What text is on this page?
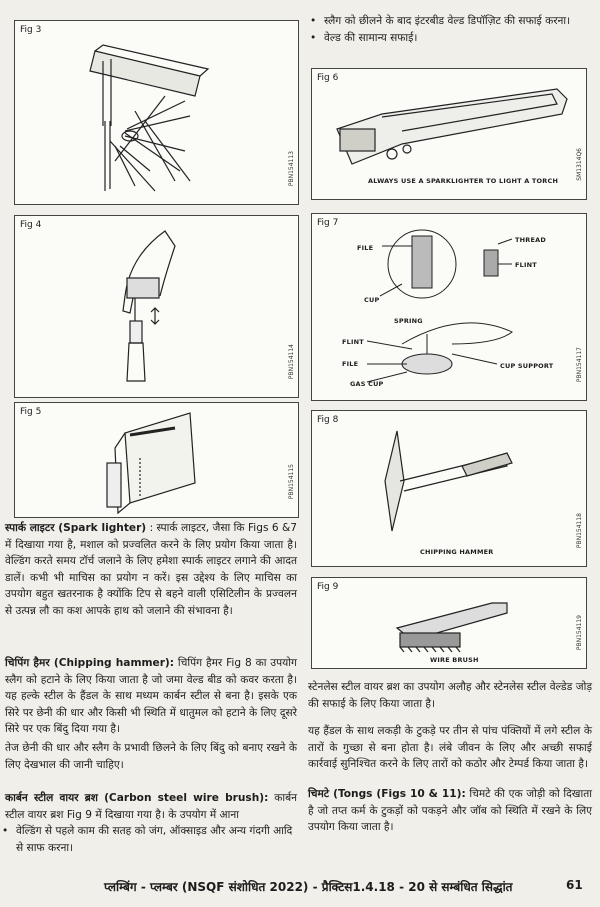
Fig 3
PBN154113
Fig 4
PBN154114
Fig 5
PBN154115
Fig 6
SM1314Q6
ALWAYS USE A SPARKLIGHTER TO LIGHT A TORCH
Fig 7
PBN154117
FILE
CUP
THREAD
FLINT
SPRING
FLINT
FILE	CUP SUPPORT
GAS CUP
Fig 8
PBN154118
CHIPPING HAMMER
Fig 9
PBN154119
WIRE BRUSH
• स्लैग को छीलने के बाद इंटरबीड वेल्ड डिपॉज़िट की सफाई करना।
• वेल्ड की सामान्य सफाई।
स्पार्क लाइटर (Spark lighter) : स्पार्क लाइटर, जैसा कि Figs 6 &7 में दिखाया गया है, मशाल को प्रज्वलित करने के लिए प्रयोग किया जाता है। वेल्डिंग करते समय टॉर्च जलाने के लिए हमेशा स्पार्क लाइटर लगाने की आदत डालें। कभी भी माचिस का प्रयोग न करें। इस उद्देश्य के लिए माचिस का उपयोग बहुत खतरनाक है क्योंकि टिप से बहने वाली एसिटिलीन के प्रज्वलन से उत्पन्न लौ का कश आपके हाथ को जलाने की संभावना है।
चिपिंग हैमर (Chipping hammer): चिपिंग हैमर Fig 8 का उपयोग स्लैग को हटाने के लिए किया जाता है जो जमा वेल्ड बीड को कवर करता है। यह हल्के स्टील के हैंडल के साथ मध्यम कार्बन स्टील से बना है। इसके एक सिरे पर छेनी की धार और किसी भी स्थिति में धातुमल को हटाने के लिए दूसरे सिरे पर एक बिंदु दिया गया है।
तेज छेनी की धार और स्लैग के प्रभावी छिलने के लिए बिंदु को बनाए रखने के लिए देखभाल की जानी चाहिए।
कार्बन स्टील वायर ब्रश (Carbon steel wire brush): कार्बन स्टील वायर ब्रश Fig 9 में दिखाया गया है। के उपयोग में आना
• वेल्डिंग से पहले काम की सतह को जंग, ऑक्साइड और अन्य गंदगी आदि से साफ करना।
स्टेनलेस स्टील वायर ब्रश का उपयोग अलौह और स्टेनलेस स्टील वेल्डेड जोड़ की सफाई के लिए किया जाता है।
यह हैंडल के साथ लकड़ी के टुकड़े पर तीन से पांच पंक्तियों में लगे स्टील के तारों के गुच्छा से बना होता है। लंबे जीवन के लिए और अच्छी सफाई कार्रवाई सुनिश्चित करने के लिए तारों को कठोर और टेम्पर्ड किया जाता है।
चिमटे (Tongs (Figs 10 & 11): चिमटे की एक जोड़ी को दिखाता है जो तप्त कर्म के टुकड़ों को पकड़ने और जॉब को स्थिति में रखने के लिए उपयोग किया जाता है।
प्लम्बिंग - प्लम्बर (NSQF संशोधित 2022) - प्रैक्टिस1.4.18 - 20 से सम्बंधित सिद्धांत	61
